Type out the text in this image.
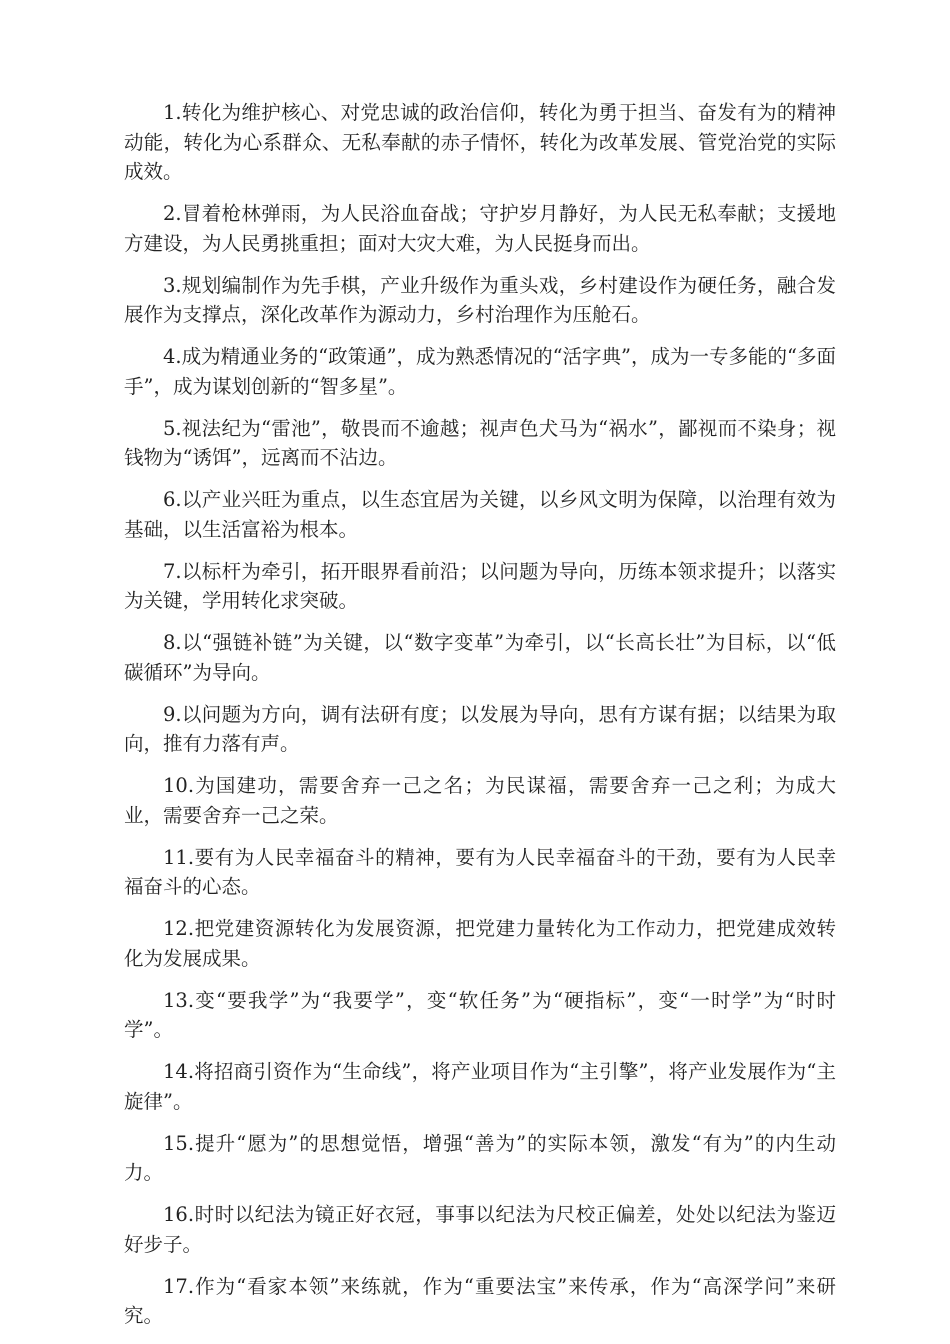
1.转化为维护核心、对党忠诚的政治信仰，转化为勇于担当、奋发有为的精神动能，转化为心系群众、无私奉献的赤子情怀，转化为改革发展、管党治党的实际成效。

2.冒着枪林弹雨，为人民浴血奋战；守护岁月静好，为人民无私奉献；支援地方建设，为人民勇挑重担；面对大灾大难，为人民挺身而出。

3.规划编制作为先手棋，产业升级作为重头戏，乡村建设作为硬任务，融合发展作为支撑点，深化改革作为源动力，乡村治理作为压舱石。

4.成为精通业务的“政策通”，成为熟悉情况的“活字典”，成为一专多能的“多面手”，成为谋划创新的“智多星”。

5.视法纪为“雷池”，敬畏而不逾越；视声色犬马为“祸水”，鄙视而不染身；视钱物为“诱饵”，远离而不沾边。

6.以产业兴旺为重点，以生态宜居为关键，以乡风文明为保障，以治理有效为基础，以生活富裕为根本。

7.以标杆为牵引，拓开眼界看前沿；以问题为导向，历练本领求提升；以落实为关键，学用转化求突破。

8.以“强链补链”为关键，以“数字变革”为牵引，以“长高长壮”为目标，以“低碳循环”为导向。

9.以问题为方向，调有法研有度；以发展为导向，思有方谋有据；以结果为取向，推有力落有声。

10.为国建功，需要舍弃一己之名；为民谋福，需要舍弃一己之利；为成大业，需要舍弃一己之荣。

11.要有为人民幸福奋斗的精神，要有为人民幸福奋斗的干劲，要有为人民幸福奋斗的心态。

12.把党建资源转化为发展资源，把党建力量转化为工作动力，把党建成效转化为发展成果。

13.变“要我学”为“我要学”，变“软任务”为“硬指标”，变“一时学”为“时时学”。

14.将招商引资作为“生命线”，将产业项目作为“主引擎”，将产业发展作为“主旋律”。

15.提升“愿为”的思想觉悟，增强“善为”的实际本领，激发“有为”的内生动力。

16.时时以纪法为镜正好衣冠，事事以纪法为尺校正偏差，处处以纪法为鉴迈好步子。

17.作为“看家本领”来练就，作为“重要法宝”来传承，作为“高深学问”来研究。
